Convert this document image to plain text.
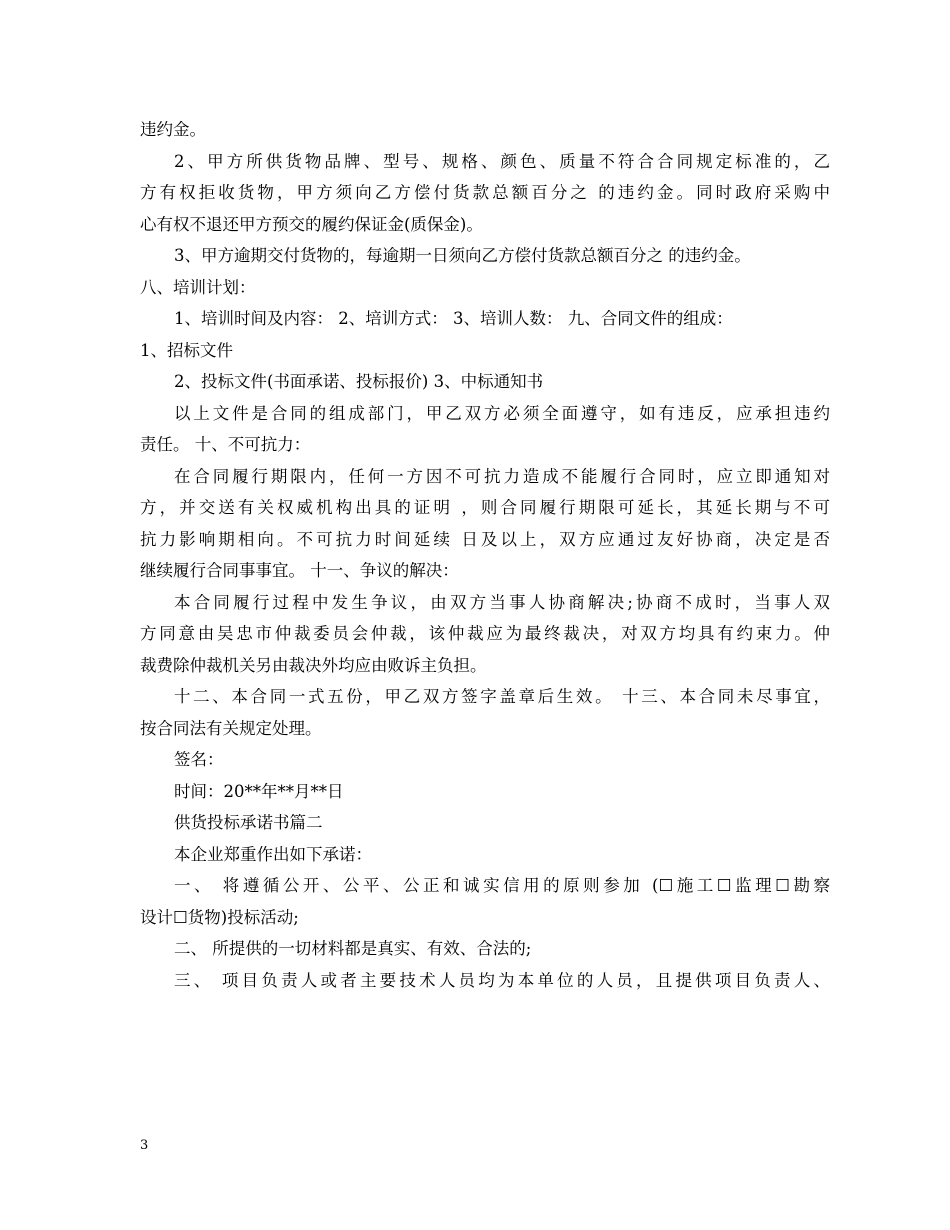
违约金。
2、甲方所供货物品牌、型号、规格、颜色、质量不符合合同规定标准的，乙
方有权拒收货物，甲方须向乙方偿付货款总额百分之 的违约金。同时政府采购中
心有权不退还甲方预交的履约保证金(质保金)。
3、甲方逾期交付货物的，每逾期一日须向乙方偿付货款总额百分之 的违约金。
八、培训计划：
1、培训时间及内容： 2、培训方式： 3、培训人数： 九、合同文件的组成：
1、招标文件
2、投标文件(书面承诺、投标报价) 3、中标通知书
以上文件是合同的组成部门，甲乙双方必须全面遵守，如有违反，应承担违约
责任。 十、不可抗力：
在合同履行期限内，任何一方因不可抗力造成不能履行合同时，应立即通知对
方，并交送有关权威机构出具的证明 ，则合同履行期限可延长，其延长期与不可
抗力影响期相向。不可抗力时间延续 日及以上，双方应通过友好协商，决定是否
继续履行合同事事宜。 十一、争议的解决：
本合同履行过程中发生争议，由双方当事人协商解决;协商不成时，当事人双
方同意由吴忠市仲裁委员会仲裁，该仲裁应为最终裁决，对双方均具有约束力。仲
裁费除仲裁机关另由裁决外均应由败诉主负担。
十二、本合同一式五份，甲乙双方签字盖章后生效。 十三、本合同未尽事宜，
按合同法有关规定处理。
签名：
时间：20**年**月**日
供货投标承诺书篇二
本企业郑重作出如下承诺：
一、 将遵循公开、公平、公正和诚实信用的原则参加 (☐施工☐监理☐勘察
设计☐货物)投标活动;
二、 所提供的一切材料都是真实、有效、合法的;
三、 项目负责人或者主要技术人员均为本单位的人员，且提供项目负责人、
3
